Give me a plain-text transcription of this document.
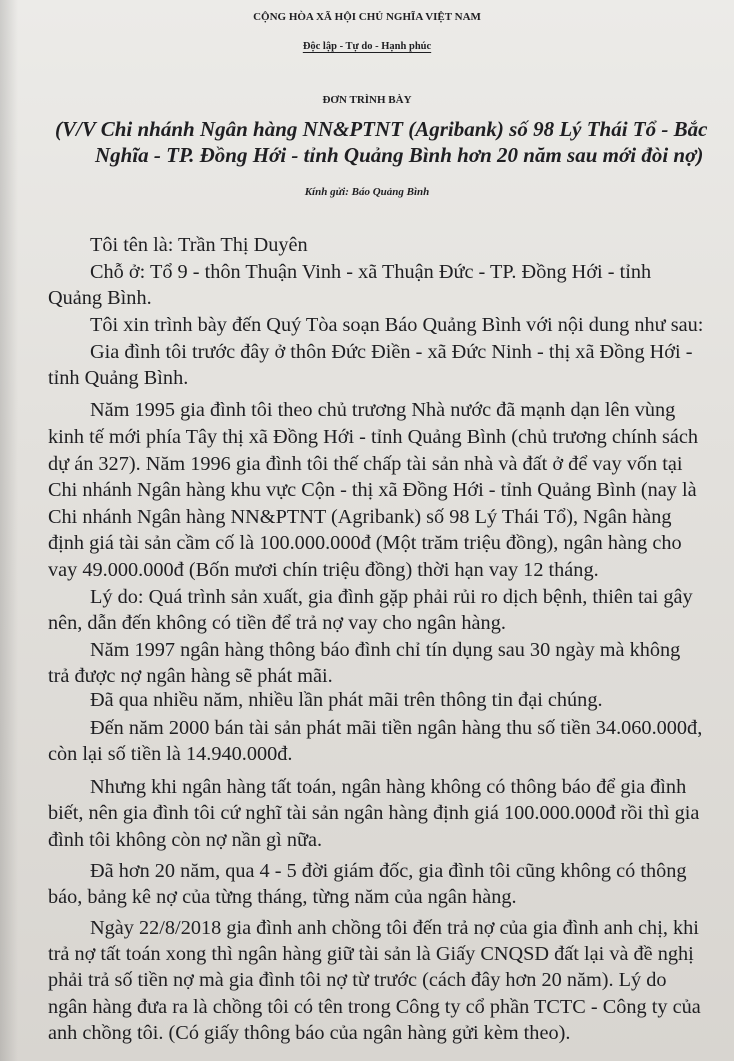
CỘNG HÒA XÃ HỘI CHỦ NGHĨA VIỆT NAM
Độc lập - Tự do - Hạnh phúc
ĐƠN TRÌNH BÀY
(V/V Chi nhánh Ngân hàng NN&PTNT (Agribank) số 98 Lý Thái Tổ - Bắc
Nghĩa - TP. Đồng Hới - tỉnh Quảng Bình hơn 20 năm sau mới đòi nợ)
Kính gửi: Báo Quảng Bình
Tôi tên là: Trần Thị Duyên
Chỗ ở: Tổ 9 - thôn Thuận Vinh - xã Thuận Đức - TP. Đồng Hới - tỉnh
Quảng Bình.
Tôi xin trình bày đến Quý Tòa soạn Báo Quảng Bình với nội dung như sau:
Gia đình tôi trước đây ở thôn Đức Điền - xã Đức Ninh - thị xã Đồng Hới -
tỉnh Quảng Bình.
Năm 1995 gia đình tôi theo chủ trương Nhà nước đã mạnh dạn lên vùng
kinh tế mới phía Tây thị xã Đồng Hới - tỉnh Quảng Bình (chủ trương chính sách
dự án 327). Năm 1996 gia đình tôi thế chấp tài sản nhà và đất ở để vay vốn tại
Chi nhánh Ngân hàng khu vực Cộn - thị xã Đồng Hới - tỉnh Quảng Bình (nay là
Chi nhánh Ngân hàng NN&PTNT (Agribank) số 98 Lý Thái Tổ), Ngân hàng
định giá tài sản cầm cố là 100.000.000đ (Một trăm triệu đồng), ngân hàng cho
vay 49.000.000đ (Bốn mươi chín triệu đồng) thời hạn vay 12 tháng.
Lý do: Quá trình sản xuất, gia đình gặp phải rủi ro dịch bệnh, thiên tai gây
nên, dẫn đến không có tiền để trả nợ vay cho ngân hàng.
Năm 1997 ngân hàng thông báo đình chỉ tín dụng sau 30 ngày mà không
trả được nợ ngân hàng sẽ phát mãi.
Đã qua nhiều năm, nhiều lần phát mãi trên thông tin đại chúng.
Đến năm 2000 bán tài sản phát mãi tiền ngân hàng thu số tiền 34.060.000đ,
còn lại số tiền là 14.940.000đ.
Nhưng khi ngân hàng tất toán, ngân hàng không có thông báo để gia đình
biết, nên gia đình tôi cứ nghĩ tài sản ngân hàng định giá 100.000.000đ rồi thì gia
đình tôi không còn nợ nần gì nữa.
Đã hơn 20 năm, qua 4 - 5 đời giám đốc, gia đình tôi cũng không có thông
báo, bảng kê nợ của từng tháng, từng năm của ngân hàng.
Ngày 22/8/2018 gia đình anh chồng tôi đến trả nợ của gia đình anh chị, khi
trả nợ tất toán xong thì ngân hàng giữ tài sản là Giấy CNQSD đất lại và đề nghị
phải trả số tiền nợ mà gia đình tôi nợ từ trước (cách đây hơn 20 năm). Lý do
ngân hàng đưa ra là chồng tôi có tên trong Công ty cổ phần TCTC - Công ty của
anh chồng tôi. (Có giấy thông báo của ngân hàng gửi kèm theo).
